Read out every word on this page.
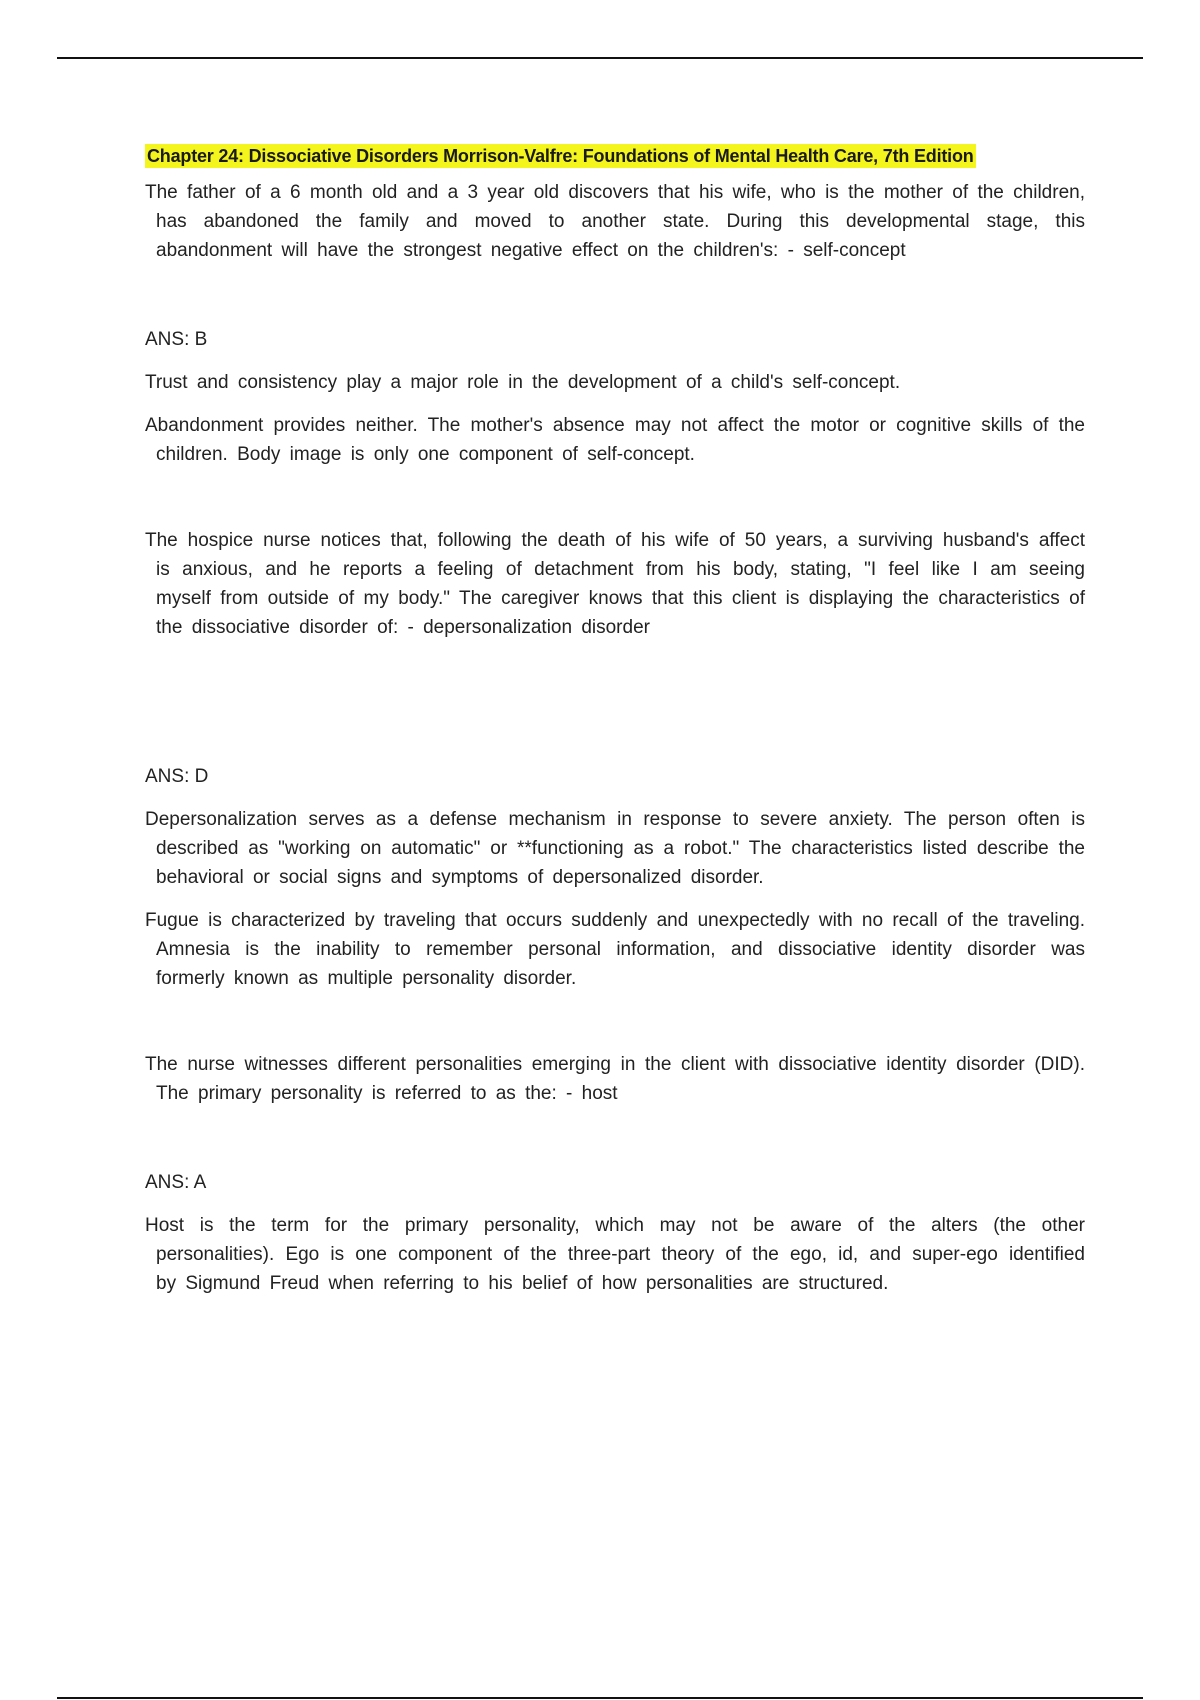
Chapter 24: Dissociative Disorders Morrison-Valfre: Foundations of Mental Health Care, 7th Edition

The father of a 6 month old and a 3 year old discovers that his wife, who is the mother of the children, has abandoned the family and moved to another state. During this developmental stage, this abandonment will have the strongest negative effect on the children's: - self-concept

ANS: B

Trust and consistency play a major role in the development of a child's self-concept.

Abandonment provides neither. The mother's absence may not affect the motor or cognitive skills of the children. Body image is only one component of self-concept.

The hospice nurse notices that, following the death of his wife of 50 years, a surviving husband's affect is anxious, and he reports a feeling of detachment from his body, stating, "I feel like I am seeing myself from outside of my body." The caregiver knows that this client is displaying the characteristics of the dissociative disorder of: - depersonalization disorder

ANS: D

Depersonalization serves as a defense mechanism in response to severe anxiety. The person often is described as "working on automatic" or **functioning as a robot." The characteristics listed describe the behavioral or social signs and symptoms of depersonalized disorder.

Fugue is characterized by traveling that occurs suddenly and unexpectedly with no recall of the traveling. Amnesia is the inability to remember personal information, and dissociative identity disorder was formerly known as multiple personality disorder.

The nurse witnesses different personalities emerging in the client with dissociative identity disorder (DID). The primary personality is referred to as the: - host

ANS: A

Host is the term for the primary personality, which may not be aware of the alters (the other personalities). Ego is one component of the three-part theory of the ego, id, and super-ego identified by Sigmund Freud when referring to his belief of how personalities are structured.
